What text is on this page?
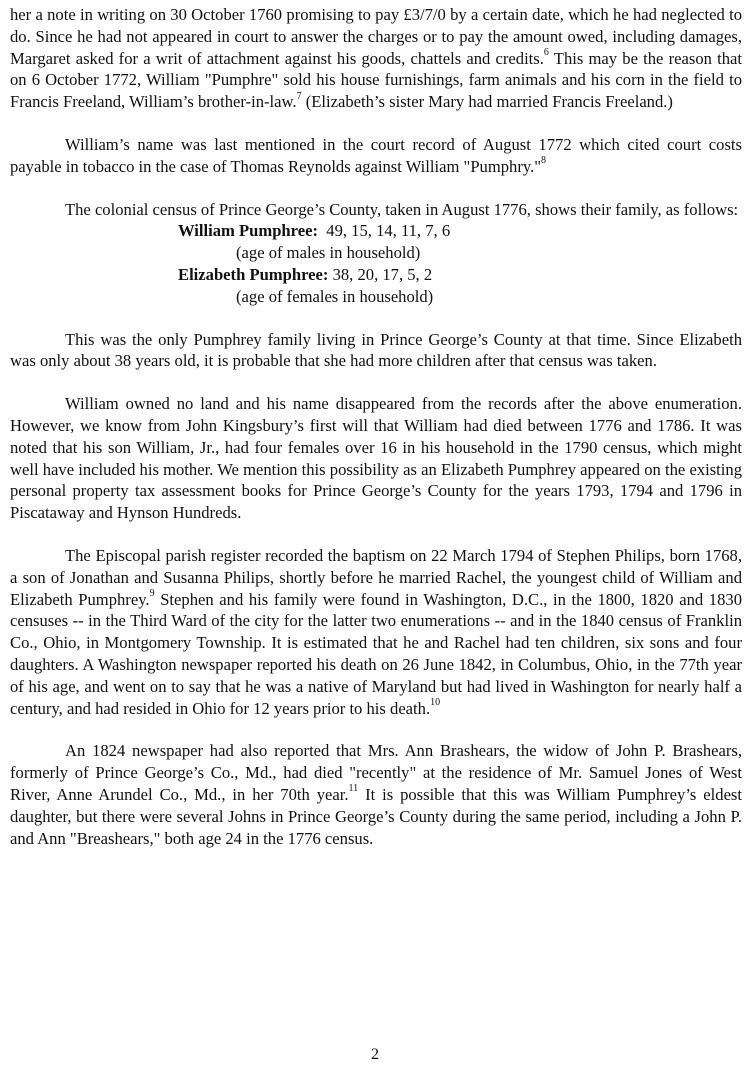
her a note in writing on 30 October 1760 promising to pay £3/7/0 by a certain date, which he had neglected to do. Since he had not appeared in court to answer the charges or to pay the amount owed, including damages, Margaret asked for a writ of attachment against his goods, chattels and credits.$^6$ This may be the reason that on 6 October 1772, William "Pumphre" sold his house furnishings, farm animals and his corn in the field to Francis Freeland, William’s brother-in-law.$^7$ (Elizabeth’s sister Mary had married Francis Freeland.)

William’s name was last mentioned in the court record of August 1772 which cited court costs payable in tobacco in the case of Thomas Reynolds against William "Pumphry."$^8$

The colonial census of Prince George’s County, taken in August 1776, shows their family, as follows:

William Pumphree: 49, 15, 14, 11, 7, 6
(age of males in household)
Elizabeth Pumphree: 38, 20, 17, 5, 2
(age of females in household)

This was the only Pumphrey family living in Prince George’s County at that time. Since Elizabeth was only about 38 years old, it is probable that she had more children after that census was taken.

William owned no land and his name disappeared from the records after the above enumeration. However, we know from John Kingsbury’s first will that William had died between 1776 and 1786. It was noted that his son William, Jr., had four females over 16 in his household in the 1790 census, which might well have included his mother. We mention this possibility as an Elizabeth Pumphrey appeared on the existing personal property tax assessment books for Prince George’s County for the years 1793, 1794 and 1796 in Piscataway and Hynson Hundreds.

The Episcopal parish register recorded the baptism on 22 March 1794 of Stephen Philips, born 1768, a son of Jonathan and Susanna Philips, shortly before he married Rachel, the youngest child of William and Elizabeth Pumphrey.$^9$ Stephen and his family were found in Washington, D.C., in the 1800, 1820 and 1830 censuses -- in the Third Ward of the city for the latter two enumerations -- and in the 1840 census of Franklin Co., Ohio, in Montgomery Township. It is estimated that he and Rachel had ten children, six sons and four daughters. A Washington newspaper reported his death on 26 June 1842, in Columbus, Ohio, in the 77th year of his age, and went on to say that he was a native of Maryland but had lived in Washington for nearly half a century, and had resided in Ohio for 12 years prior to his death.$^{10}$

An 1824 newspaper had also reported that Mrs. Ann Brashears, the widow of John P. Brashears, formerly of Prince George’s Co., Md., had died "recently" at the residence of Mr. Samuel Jones of West River, Anne Arundel Co., Md., in her 70th year.$^{11}$ It is possible that this was William Pumphrey’s eldest daughter, but there were several Johns in Prince George’s County during the same period, including a John P. and Ann "Breashears," both age 24 in the 1776 census.

2
